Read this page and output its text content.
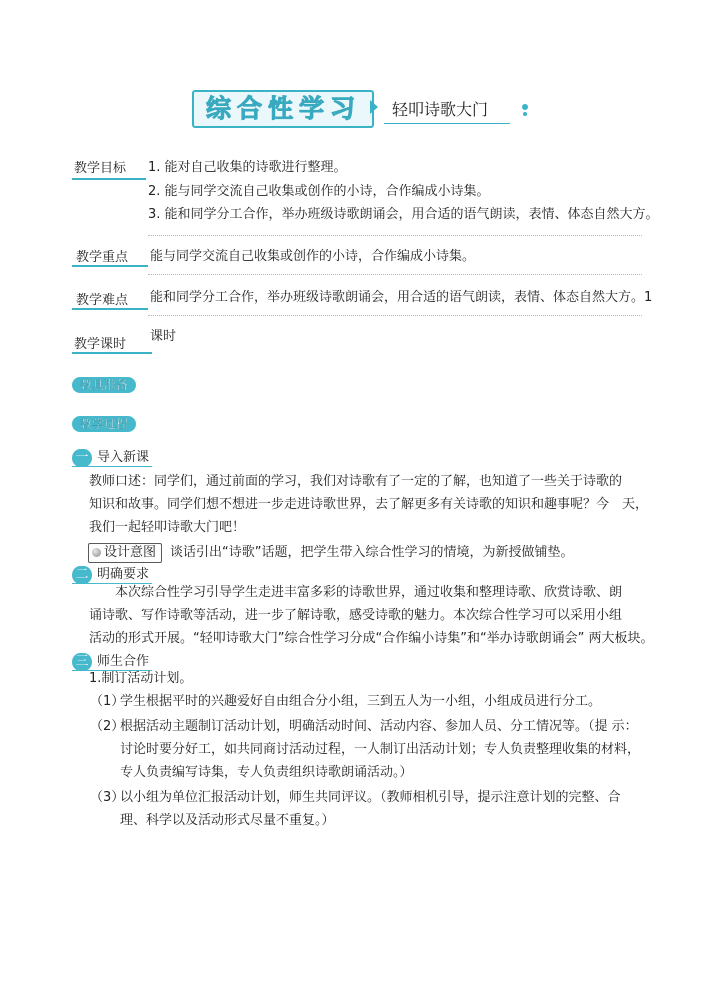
综合性学习 轻叩诗歌大门
教学目标 1. 能对自己收集的诗歌进行整理。
2. 能与同学交流自己收集或创作的小诗，合作编成小诗集。
3. 能和同学分工合作，举办班级诗歌朗诵会，用合适的语气朗读，表情、体态自然大方。
教学重点 能与同学交流自己收集或创作的小诗，合作编成小诗集。
教学难点 能和同学分工合作，举办班级诗歌朗诵会，用合适的语气朗读，表情、体态自然大方。1
教学课时
课时
教具准备
教学过程
一 导入新课
教师口述：同学们，通过前面的学习，我们对诗歌有了一定的了解，也知道了一些关于诗歌的
知识和故事。同学们想不想进一步走进诗歌世界，去了解更多有关诗歌的知识和趣事呢？今　天，
我们一起轻叩诗歌大门吧！
设计意图 谈话引出“诗歌”话题，把学生带入综合性学习的情境，为新授做铺垫。
二 明确要求
本次综合性学习引导学生走进丰富多彩的诗歌世界，通过收集和整理诗歌、欣赏诗歌、朗
诵诗歌、写作诗歌等活动，进一步了解诗歌，感受诗歌的魅力。本次综合性学习可以采用小组
活动的形式开展。“轻叩诗歌大门”综合性学习分成“合作编小诗集”和“举办诗歌朗诵会” 两大板块。
三 师生合作
1.制订活动计划。
（1）
学生根据平时的兴趣爱好自由组合分小组，三到五人为一小组，小组成员进行分工。
（2）
根据活动主题制订活动计划，明确活动时间、活动内容、参加人员、分工情况等。（提 示：
讨论时要分好工，如共同商讨活动过程，一人制订出活动计划；专人负责整理收集的材料，
专人负责编写诗集，专人负责组织诗歌朗诵活动。）
（3）
以小组为单位汇报活动计划，师生共同评议。（教师相机引导，提示注意计划的完整、合
理、科学以及活动形式尽量不重复。）
